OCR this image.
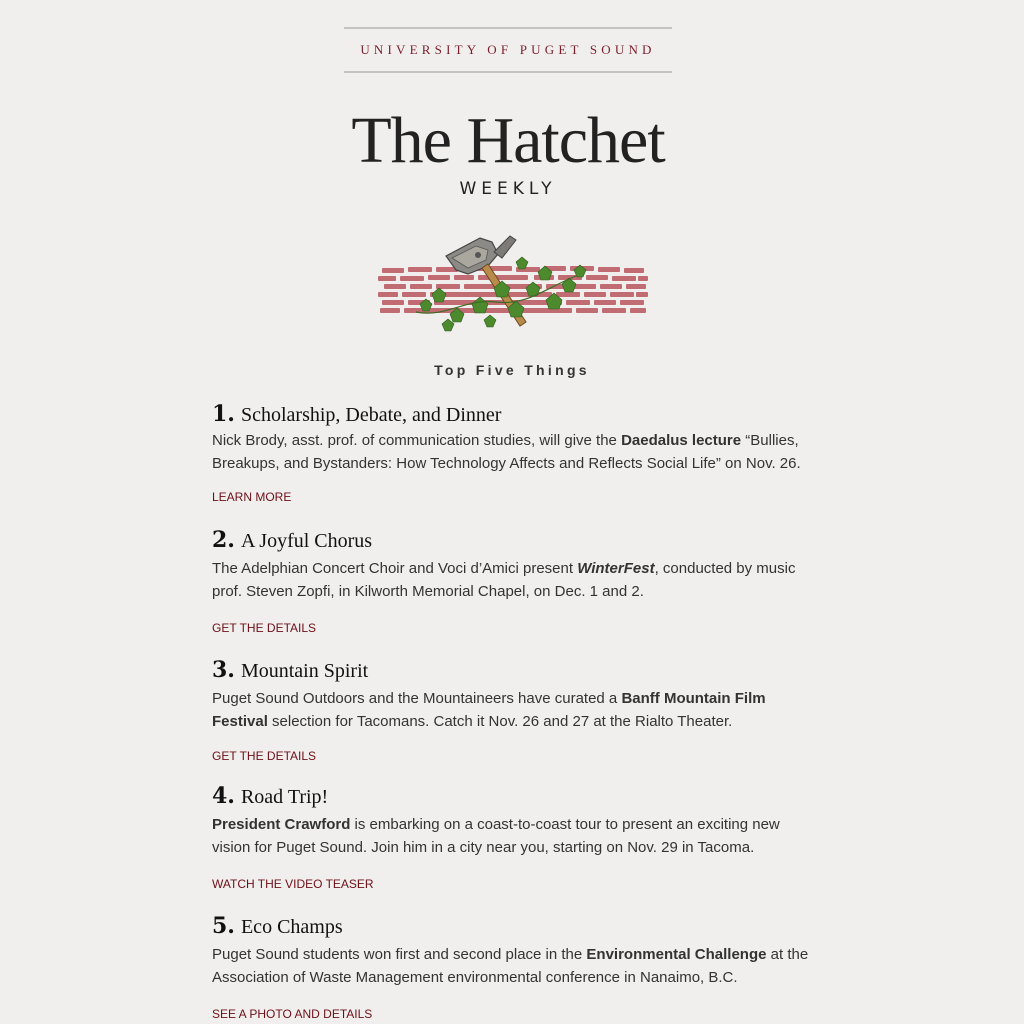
UNIVERSITY OF PUGET SOUND

The Hatchet
WEEKLY
Top Five Things
1. Scholarship, Debate, and Dinner

Nick Brody, asst. prof. of communication studies, will give the Daedalus lecture “Bullies, Breakups, and Bystanders: How Technology Affects and Reflects Social Life” on Nov. 26.

LEARN MORE
2. A Joyful Chorus

The Adelphian Concert Choir and Voci d’Amici present WinterFest, conducted by music prof. Steven Zopfi, in Kilworth Memorial Chapel, on Dec. 1 and 2.

GET THE DETAILS
3. Mountain Spirit

Puget Sound Outdoors and the Mountaineers have curated a Banff Mountain Film Festival selection for Tacomans. Catch it Nov. 26 and 27 at the Rialto Theater.

GET THE DETAILS
4. Road Trip!

President Crawford is embarking on a coast-to-coast tour to present an exciting new vision for Puget Sound. Join him in a city near you, starting on Nov. 29 in Tacoma.

WATCH THE VIDEO TEASER
5. Eco Champs

Puget Sound students won first and second place in the Environmental Challenge at the Association of Waste Management environmental conference in Nanaimo, B.C.

SEE A PHOTO AND DETAILS
